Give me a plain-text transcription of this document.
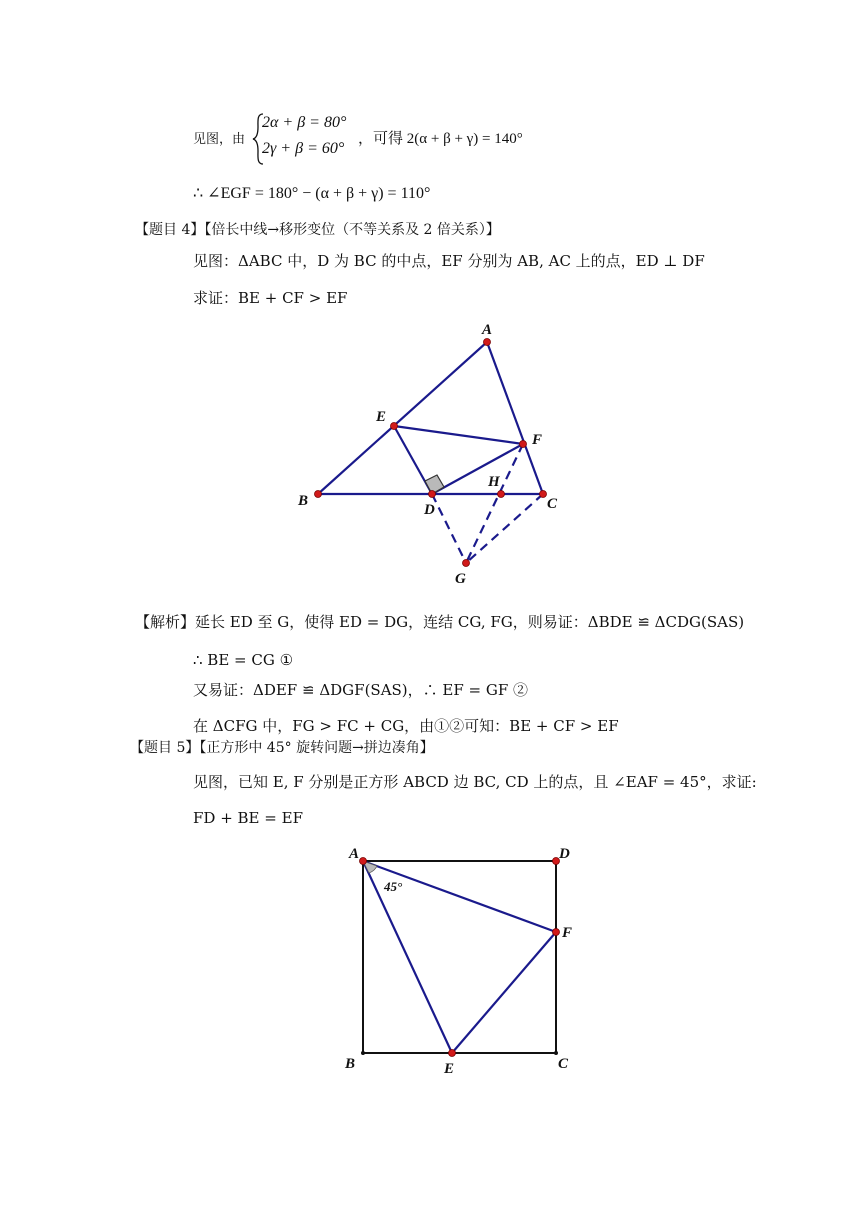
见图，由
2α + β = 80°
2γ + β = 60°
，可得 2(α + β + γ) = 140°
∴ ∠EGF = 180° − (α + β + γ) = 110°
【题目 4】【倍长中线→移形变位（不等关系及 2 倍关系）】
见图：ΔABC 中，D 为 BC 的中点，EF 分别为 AB, AC 上的点，ED ⊥ DF
求证：BE + CF > EF
A
B	C
D
E
F
G
H
【解析】延长 ED 至 G，使得 ED = DG，连结 CG, FG，则易证：ΔBDE ≌ ΔCDG(SAS)
∴ BE = CG ①
又易证：ΔDEF ≌ ΔDGF(SAS)，∴ EF = GF ②
在 ΔCFG 中，FG > FC + CG，由①②可知：BE + CF > EF
【题目 5】【正方形中 45° 旋转问题→拼边凑角】
见图，已知 E, F 分别是正方形 ABCD 边 BC, CD 上的点，且 ∠EAF = 45°，求证:
FD + BE = EF
45°
A	D
F
B	E	C
